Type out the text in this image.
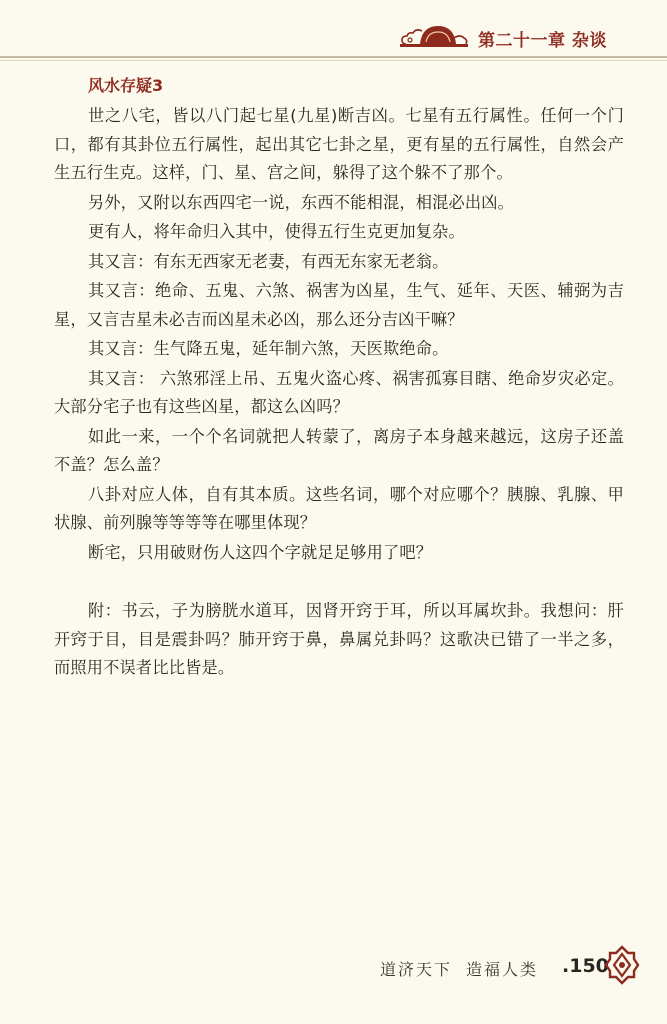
第二十一章 杂谈
风水存疑3

世之八宅，皆以八门起七星(九星)断吉凶。七星有五行属性。任何一个门口，都有其卦位五行属性，起出其它七卦之星，更有星的五行属性，自然会产生五行生克。这样，门、星、宫之间，躲得了这个躲不了那个。

另外，又附以东西四宅一说，东西不能相混，相混必出凶。

更有人，将年命归入其中，使得五行生克更加复杂。

其又言：有东无西家无老妻，有西无东家无老翁。

其又言：绝命、五鬼、六煞、祸害为凶星，生气、延年、天医、辅弼为吉星，又言吉星未必吉而凶星未必凶，那么还分吉凶干嘛？

其又言：生气降五鬼，延年制六煞，天医欺绝命。

其又言： 六煞邪淫上吊、五鬼火盗心疼、祸害孤寡目瞎、绝命岁灾必定。大部分宅子也有这些凶星，都这么凶吗？

如此一来，一个个名词就把人转蒙了，离房子本身越来越远，这房子还盖不盖？怎么盖？

八卦对应人体，自有其本质。这些名词，哪个对应哪个？胰腺、乳腺、甲状腺、前列腺等等等等在哪里体现？

断宅，只用破财伤人这四个字就足足够用了吧？

附：书云，子为膀胱水道耳，因肾开窍于耳，所以耳属坎卦。我想问：肝开窍于目，目是震卦吗？肺开窍于鼻，鼻属兑卦吗？这歌决已错了一半之多，而照用不误者比比皆是。

道济天下 造福人类 .150
